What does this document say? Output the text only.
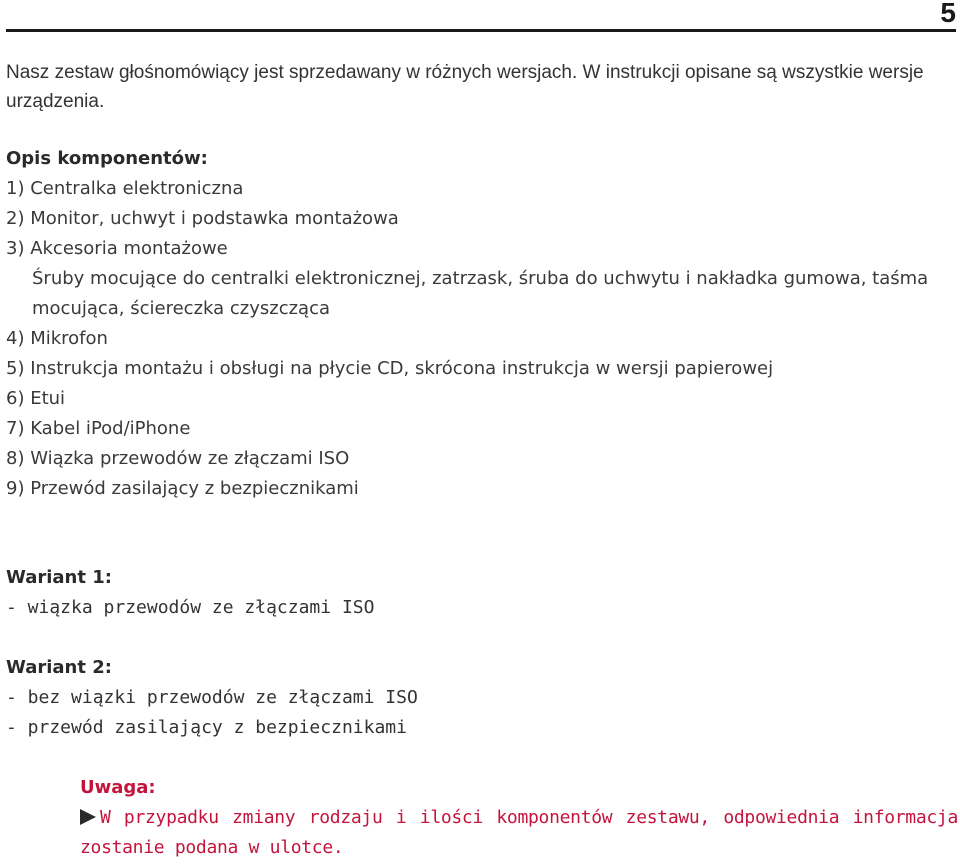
5
Nasz zestaw głośnomówiący jest sprzedawany w różnych wersjach. W instrukcji opisane są wszystkie wersje urządzenia.
Opis komponentów:
1) Centralka elektroniczna
2) Monitor, uchwyt i podstawka montażowa
3) Akcesoria montażowe
Śruby mocujące do centralki elektronicznej, zatrzask, śruba do uchwytu i nakładka gumowa, taśma
mocująca, ściereczka czyszcząca
4) Mikrofon
5) Instrukcja montażu i obsługi na płycie CD, skrócona instrukcja w wersji papierowej
6) Etui
7) Kabel iPod/iPhone
8) Wiązka przewodów ze złączami ISO
9) Przewód zasilający z bezpiecznikami
Wariant 1:
- wiązka przewodów ze złączami ISO
Wariant 2:
- bez wiązki przewodów ze złączami ISO
- przewód zasilający z bezpiecznikami
Uwaga:
W przypadku zmiany rodzaju i ilości komponentów zestawu, odpowiednia informacja zostanie podana w ulotce.
